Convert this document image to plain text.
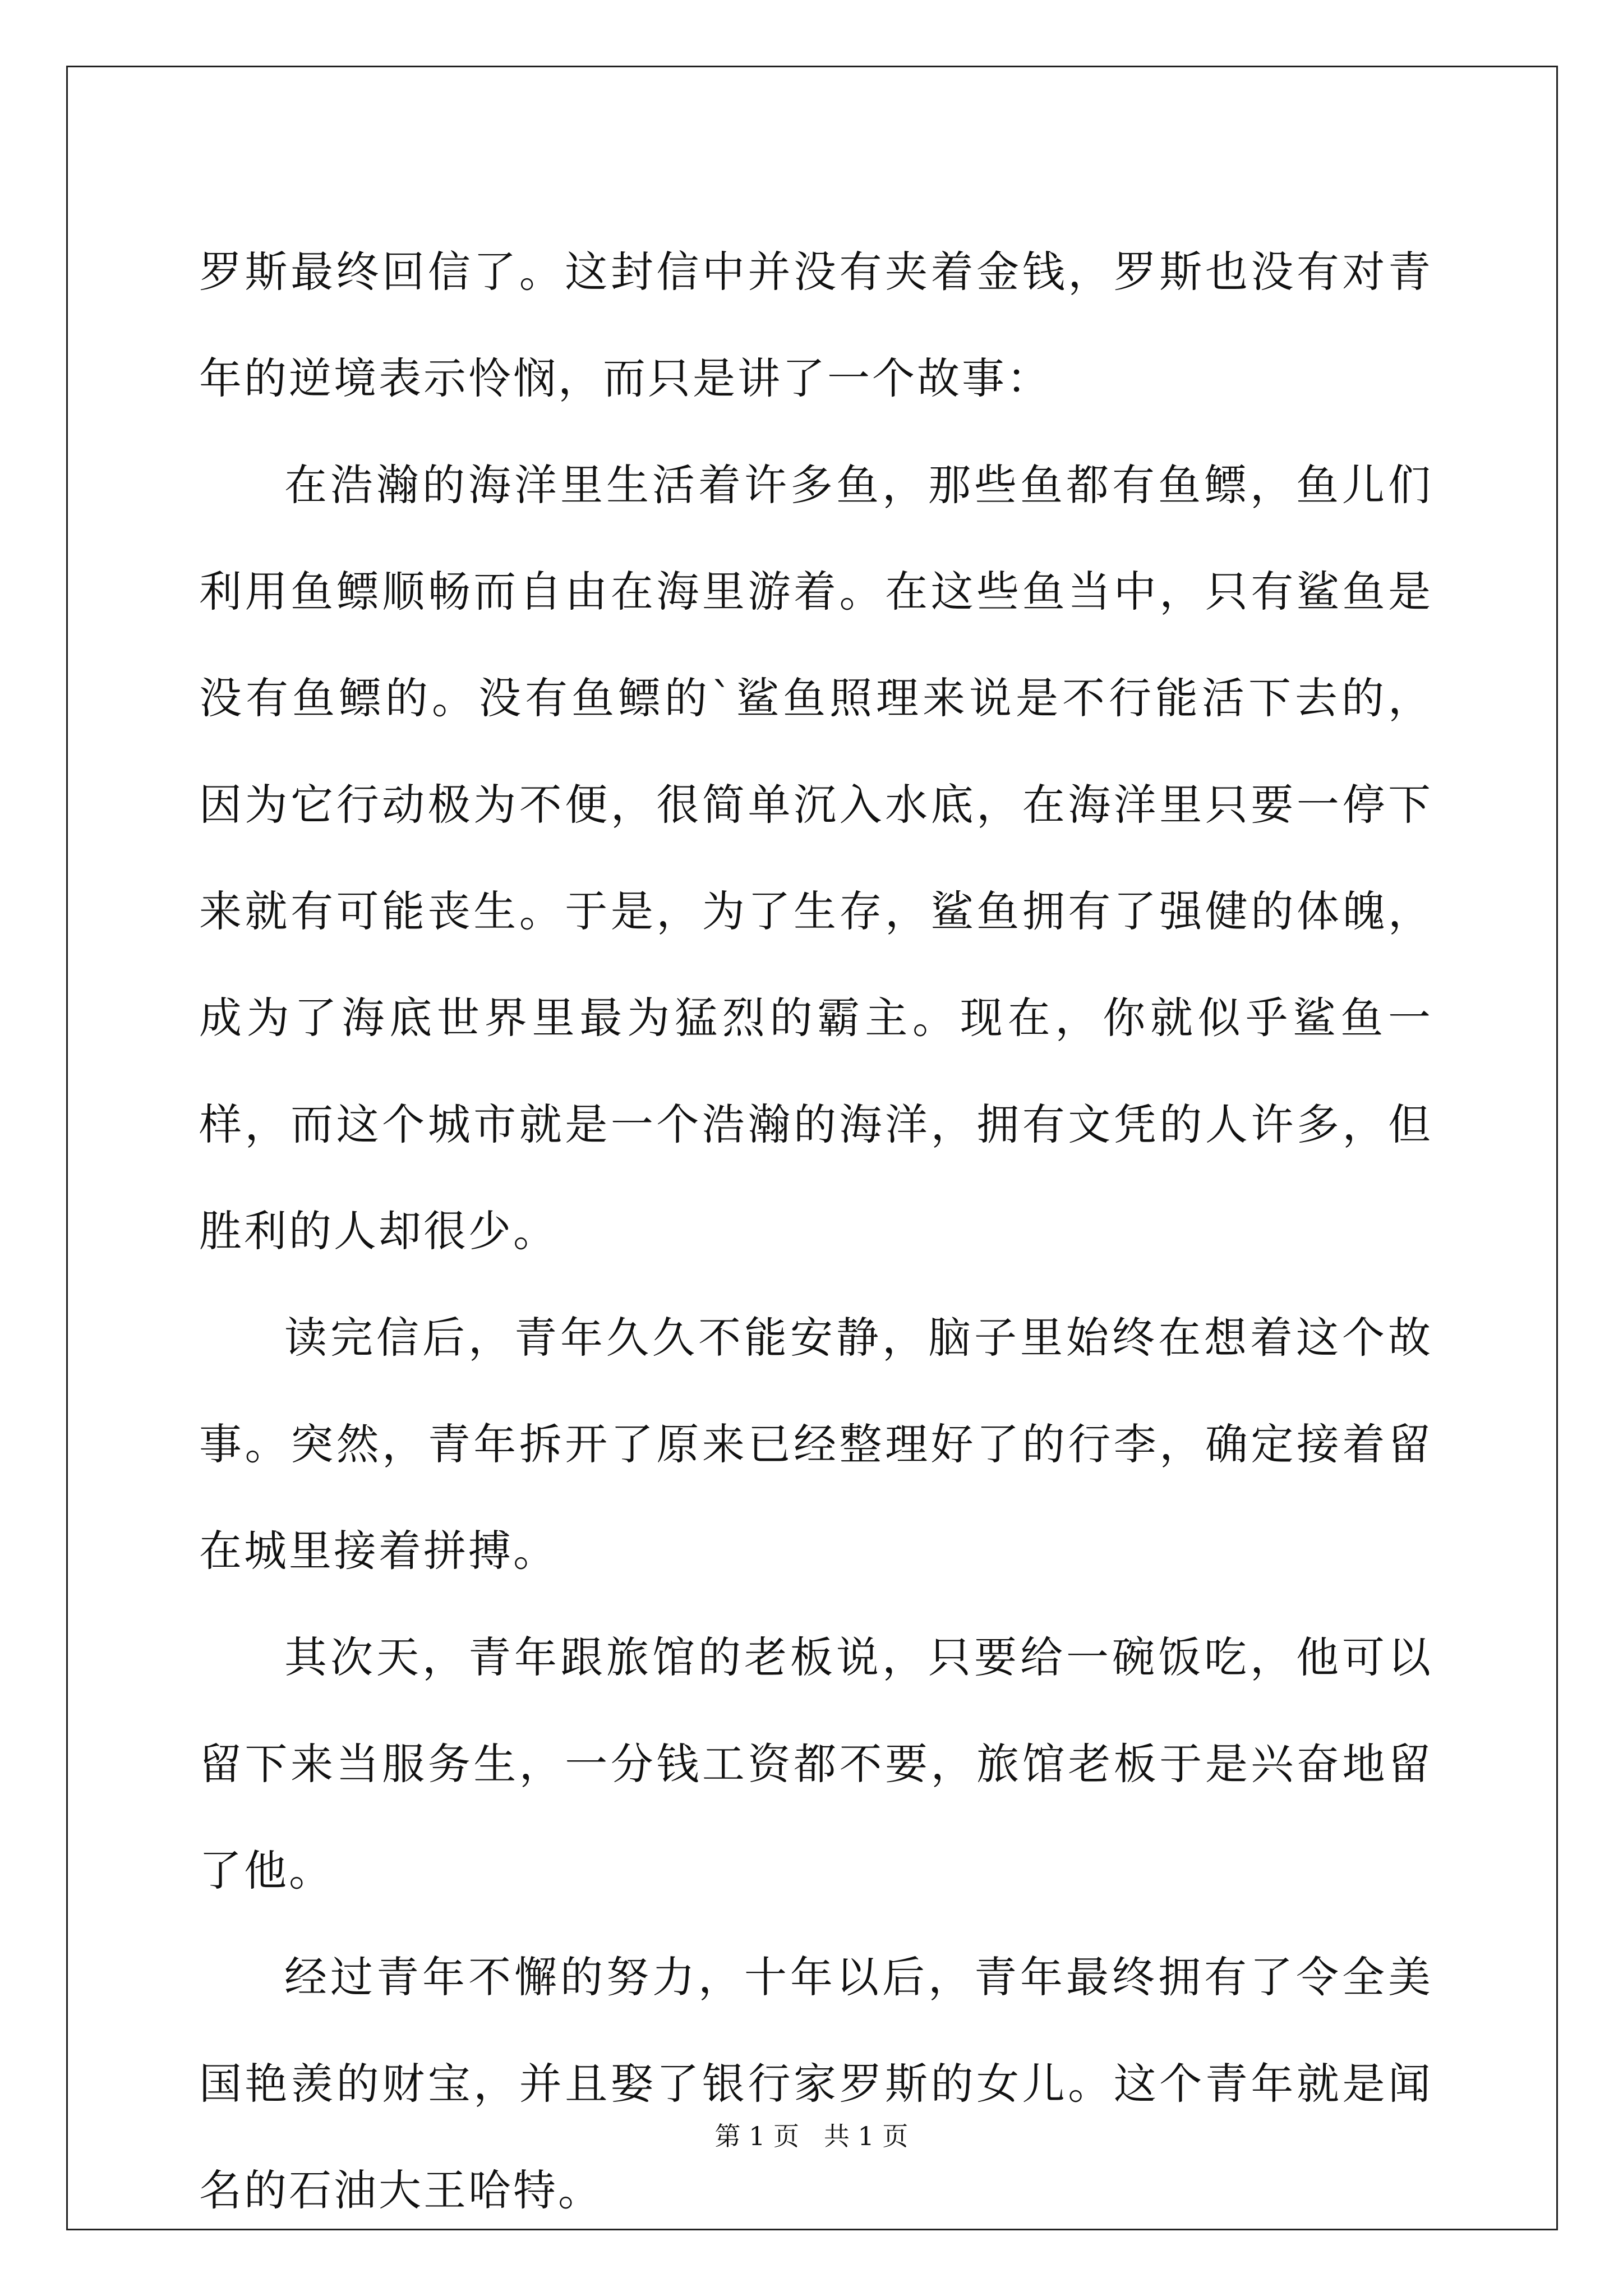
罗斯最终回信了。这封信中并没有夹着金钱，罗斯也没有对青年的逆境表示怜悯，而只是讲了一个故事：

在浩瀚的海洋里生活着许多鱼，那些鱼都有鱼鳔，鱼儿们利用鱼鳔顺畅而自由在海里游着。在这些鱼当中，只有鲨鱼是没有鱼鳔的。没有鱼鳔的`鲨鱼照理来说是不行能活下去的，因为它行动极为不便，很简单沉入水底，在海洋里只要一停下来就有可能丧生。于是，为了生存，鲨鱼拥有了强健的体魄，成为了海底世界里最为猛烈的霸主。现在，你就似乎鲨鱼一样，而这个城市就是一个浩瀚的海洋，拥有文凭的人许多，但胜利的人却很少。

读完信后，青年久久不能安静，脑子里始终在想着这个故事。突然，青年拆开了原来已经整理好了的行李，确定接着留在城里接着拼搏。

其次天，青年跟旅馆的老板说，只要给一碗饭吃，他可以留下来当服务生，一分钱工资都不要，旅馆老板于是兴奋地留了他。

经过青年不懈的努力，十年以后，青年最终拥有了令全美国艳羡的财宝，并且娶了银行家罗斯的女儿。这个青年就是闻名的石油大王哈特。

第 1 页   共 1 页
